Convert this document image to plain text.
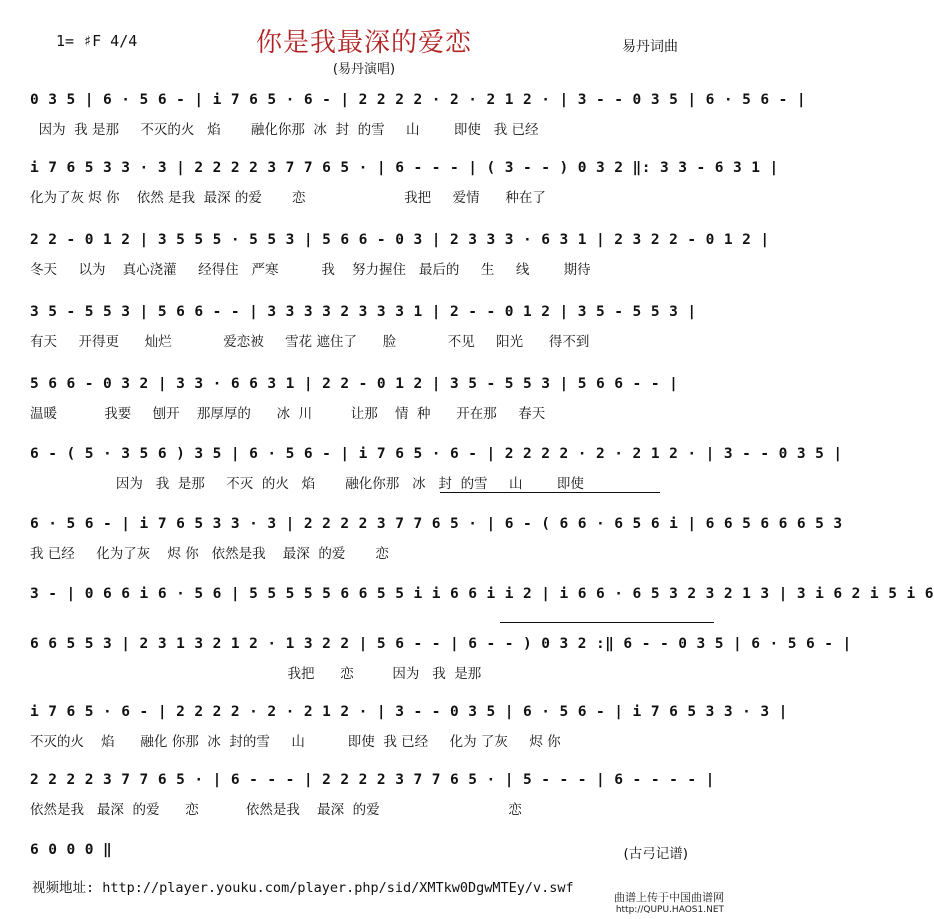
1= ♯F 4/4	你是我最深的爱恋
(易丹演唱)
易丹词曲
0 3 5 | 6 · 5 6 - | i 7 6 5 · 6 - | 2 2 2 2 · 2 · 2 1 2 · | 3 - - 0 3 5 | 6 · 5 6 - |
因为  我 是那     不灭的火   焰       融化你那  冰  封  的雪     山        即使   我 已经
i 7 6 5 3 3 · 3 | 2 2 2 2 3 7 7 6 5 · | 6 - - - | ( 3 - - ) 0 3 2 ‖: 3 3 - 6 3 1 |
化为了灰 烬 你    依然 是我  最深 的爱       恋                       我把     爱情      种在了
2 2 - 0 1 2 | 3 5 5 5 · 5 5 3 | 5 6 6 - 0 3 | 2 3 3 3 · 6 3 1 | 2 3 2 2 - 0 1 2 |
冬天     以为    真心浇灌     经得住   严寒          我    努力握住   最后的     生     线        期待
3 5 - 5 5 3 | 5 6 6 - - | 3 3 3 3 2 3 3 3 1 | 2 - - 0 1 2 | 3 5 - 5 5 3 |
有天     开得更      灿烂            爱恋被     雪花 遮住了      脸            不见     阳光      得不到
5 6 6 - 0 3 2 | 3 3 · 6 6 3 1 | 2 2 - 0 1 2 | 3 5 - 5 5 3 | 5 6 6 - - |
温暖           我要     刨开    那厚厚的      冰  川         让那    情  种      开在那     春天
6 - ( 5 · 3 5 6 ) 3 5 | 6 · 5 6 - | i 7 6 5 · 6 - | 2 2 2 2 · 2 · 2 1 2 · | 3 - - 0 3 5 |
因为   我  是那     不灭  的火   焰       融化你那   冰   封  的雪     山        即使
6 · 5 6 - | i 7 6 5 3 3 · 3 | 2 2 2 2 3 7 7 6 5 · | 6 - ( 6 6 · 6 5 6 i | 6 6 5 6 6 6 5 3
我 已经     化为了灰    烬 你   依然是我    最深  的爱       恋
3 - | 0 6 6 i 6 · 5 6 | 5 5 5 5 5 6 6 5 5 i i 6 6 i i 2 | i 6 6 · 6 5 3 2 3 2 1 3 | 3 i 6 2 i 5 i 6
6 6 5 5 3 | 2 3 1 3 2 1 2 · 1 3 2 2 | 5 6 - - | 6 - - ) 0 3 2 :‖ 6 - - 0 3 5 | 6 · 5 6 - |
我把      恋         因为   我  是那
i 7 6 5 · 6 - | 2 2 2 2 · 2 · 2 1 2 · | 3 - - 0 3 5 | 6 · 5 6 - | i 7 6 5 3 3 · 3 |
不灭的火    焰      融化 你那  冰  封的雪     山          即使  我 已经     化为 了灰     烬 你
2 2 2 2 3 7 7 6 5 · | 6 - - - | 2 2 2 2 3 7 7 6 5 · | 5 - - - | 6 - - - - |
依然是我   最深  的爱      恋           依然是我    最深  的爱                              恋
6 0 0 0 ‖	(古弓记谱)
视频地址: http://player.youku.com/player.php/sid/XMTkw0DgwMTEy/v.swf
曲谱上传于中国曲谱网
http://QUPU.HAOS1.NET
